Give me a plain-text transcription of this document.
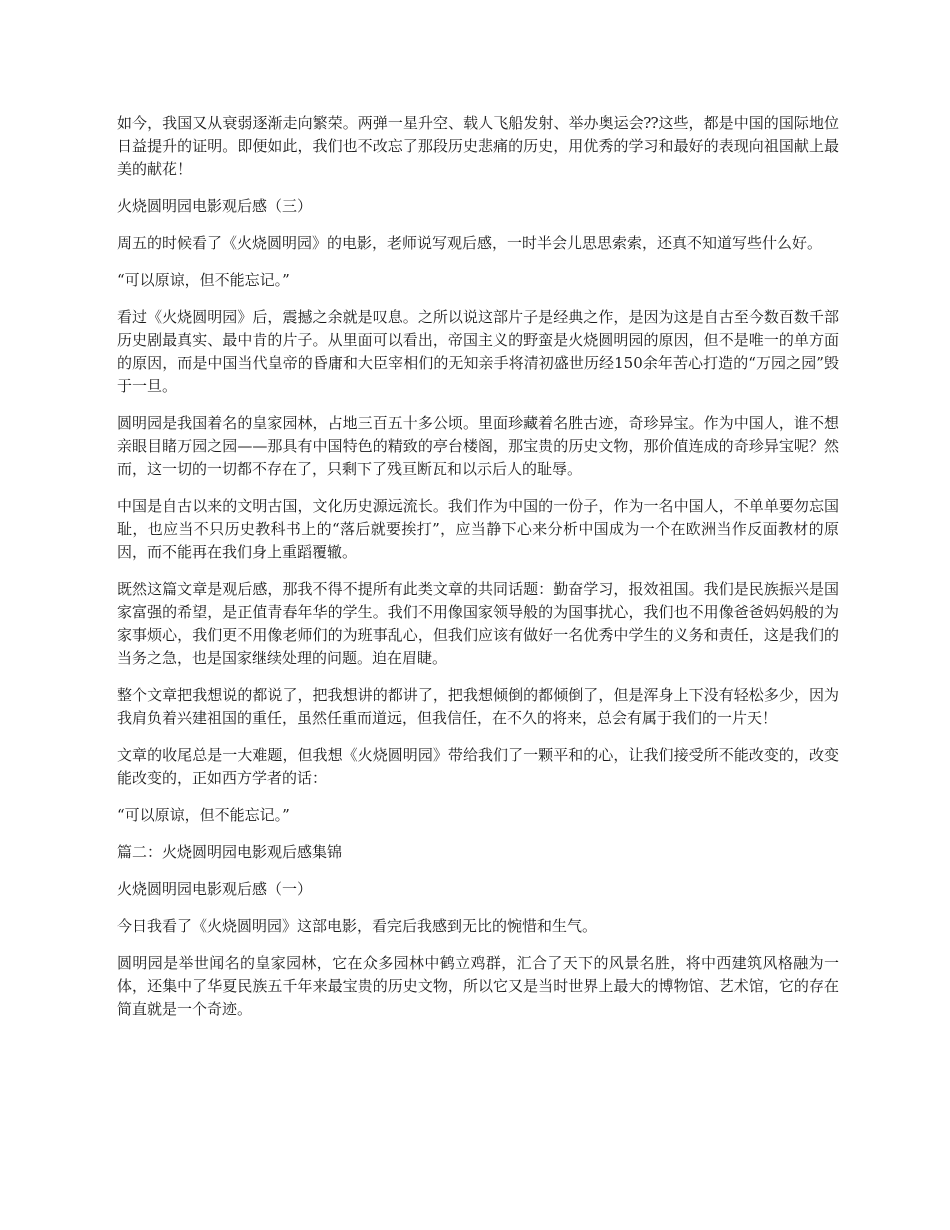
如今，我国又从衰弱逐渐走向繁荣。两弹一星升空、载人飞船发射、举办奥运会⁇这些，都是中国的国际地位日益提升的证明。即便如此，我们也不改忘了那段历史悲痛的历史，用优秀的学习和最好的表现向祖国献上最美的献花！

火烧圆明园电影观后感（三）

周五的时候看了《火烧圆明园》的电影，老师说写观后感，一时半会儿思思索索，还真不知道写些什么好。

“可以原谅，但不能忘记。”

看过《火烧圆明园》后，震撼之余就是叹息。之所以说这部片子是经典之作，是因为这是自古至今数百数千部历史剧最真实、最中肯的片子。从里面可以看出，帝国主义的野蛮是火烧圆明园的原因，但不是唯一的单方面的原因，而是中国当代皇帝的昏庸和大臣宰相们的无知亲手将清初盛世历经150余年苦心打造的“万园之园”毁于一旦。

圆明园是我国着名的皇家园林，占地三百五十多公顷。里面珍藏着名胜古迹，奇珍异宝。作为中国人，谁不想亲眼目睹万园之园——那具有中国特色的精致的亭台楼阁，那宝贵的历史文物，那价值连成的奇珍异宝呢？然而，这一切的一切都不存在了，只剩下了残亘断瓦和以示后人的耻辱。

中国是自古以来的文明古国，文化历史源远流长。我们作为中国的一份子，作为一名中国人，不单单要勿忘国耻，也应当不只历史教科书上的“落后就要挨打”，应当静下心来分析中国成为一个在欧洲当作反面教材的原因，而不能再在我们身上重蹈覆辙。

既然这篇文章是观后感，那我不得不提所有此类文章的共同话题：勤奋学习，报效祖国。我们是民族振兴是国家富强的希望，是正值青春年华的学生。我们不用像国家领导般的为国事扰心，我们也不用像爸爸妈妈般的为家事烦心，我们更不用像老师们的为班事乱心，但我们应该有做好一名优秀中学生的义务和责任，这是我们的当务之急，也是国家继续处理的问题。迫在眉睫。

整个文章把我想说的都说了，把我想讲的都讲了，把我想倾倒的都倾倒了，但是浑身上下没有轻松多少，因为我肩负着兴建祖国的重任，虽然任重而道远，但我信任，在不久的将来，总会有属于我们的一片天！

文章的收尾总是一大难题，但我想《火烧圆明园》带给我们了一颗平和的心，让我们接受所不能改变的，改变能改变的，正如西方学者的话：

“可以原谅，但不能忘记。”

篇二：火烧圆明园电影观后感集锦

火烧圆明园电影观后感（一）

今日我看了《火烧圆明园》这部电影，看完后我感到无比的惋惜和生气。

圆明园是举世闻名的皇家园林，它在众多园林中鹤立鸡群，汇合了天下的风景名胜，将中西建筑风格融为一体，还集中了华夏民族五千年来最宝贵的历史文物，所以它又是当时世界上最大的博物馆、艺术馆，它的存在简直就是一个奇迹。
